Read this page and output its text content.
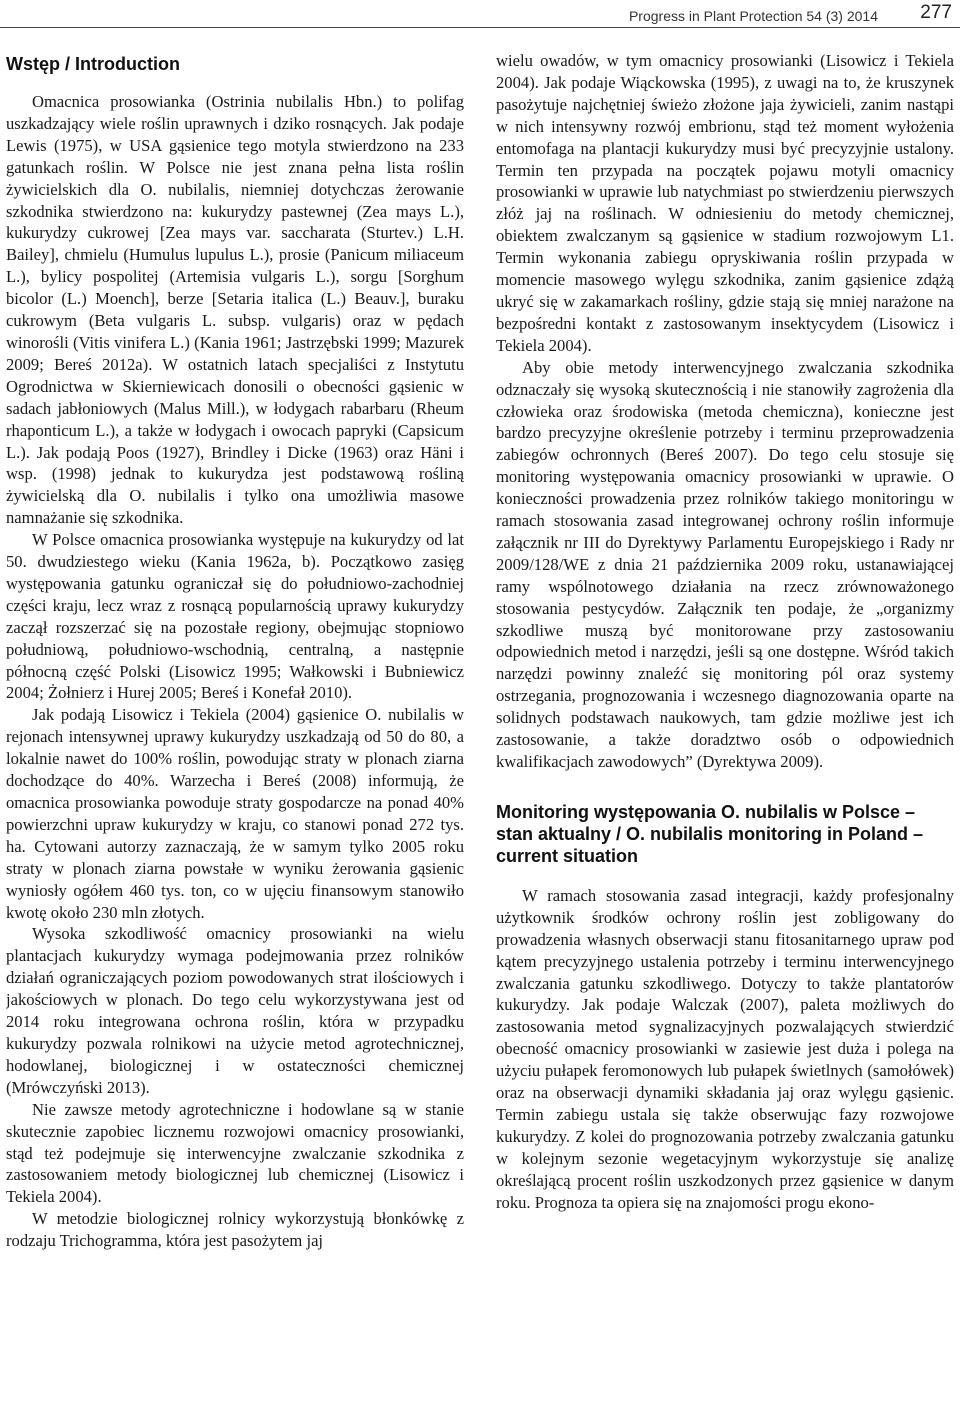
Progress in Plant Protection 54 (3) 2014 277
Wstęp / Introduction

Omacnica prosowianka (Ostrinia nubilalis Hbn.) to polifag uszkadzający wiele roślin uprawnych i dziko rosnących. Jak podaje Lewis (1975), w USA gąsienice tego motyla stwierdzono na 233 gatunkach roślin. W Polsce nie jest znana pełna lista roślin żywicielskich dla O. nubilalis, niemniej dotychczas żerowanie szkodnika stwierdzono na: kukurydzy pastewnej (Zea mays L.), kukurydzy cukrowej [Zea mays var. saccharata (Sturtev.) L.H. Bailey], chmielu (Humulus lupulus L.), prosie (Panicum miliaceum L.), bylicy pospolitej (Artemisia vulgaris L.), sorgu [Sorghum bicolor (L.) Moench], berze [Setaria italica (L.) Beauv.], buraku cukrowym (Beta vulgaris L. subsp. vulgaris) oraz w pędach winorośli (Vitis vinifera L.) (Kania 1961; Jastrzębski 1999; Mazurek 2009; Bereś 2012a). W ostatnich latach specjaliści z Instytutu Ogrodnictwa w Skierniewicach donosili o obecności gąsienic w sadach jabłoniowych (Malus Mill.), w łodygach rabarbaru (Rheum rhaponticum L.), a także w łodygach i owocach papryki (Capsicum L.). Jak podają Poos (1927), Brindley i Dicke (1963) oraz Häni i wsp. (1998) jednak to kukurydza jest podstawową rośliną żywicielską dla O. nubilalis i tylko ona umożliwia masowe namnażanie się szkodnika.

W Polsce omacnica prosowianka występuje na kukurydzy od lat 50. dwudziestego wieku (Kania 1962a, b). Początkowo zasięg występowania gatunku ograniczał się do południowo-zachodniej części kraju, lecz wraz z rosnącą popularnością uprawy kukurydzy zaczął rozszerzać się na pozostałe regiony, obejmując stopniowo południową, południowo-wschodnią, centralną, a następnie północną część Polski (Lisowicz 1995; Wałkowski i Bubniewicz 2004; Żołnierz i Hurej 2005; Bereś i Konefał 2010).

Jak podają Lisowicz i Tekiela (2004) gąsienice O. nubilalis w rejonach intensywnej uprawy kukurydzy uszkadzają od 50 do 80, a lokalnie nawet do 100% roślin, powodując straty w plonach ziarna dochodzące do 40%. Warzecha i Bereś (2008) informują, że omacnica prosowianka powoduje straty gospodarcze na ponad 40% powierzchni upraw kukurydzy w kraju, co stanowi ponad 272 tys. ha. Cytowani autorzy zaznaczają, że w samym tylko 2005 roku straty w plonach ziarna powstałe w wyniku żerowania gąsienic wyniosły ogółem 460 tys. ton, co w ujęciu finansowym stanowiło kwotę około 230 mln złotych.

Wysoka szkodliwość omacnicy prosowianki na wielu plantacjach kukurydzy wymaga podejmowania przez rolników działań ograniczających poziom powodowanych strat ilościowych i jakościowych w plonach. Do tego celu wykorzystywana jest od 2014 roku integrowana ochrona roślin, która w przypadku kukurydzy pozwala rolnikowi na użycie metod agrotechnicznej, hodowlanej, biologicznej i w ostateczności chemicznej (Mrówczyński 2013).

Nie zawsze metody agrotechniczne i hodowlane są w stanie skutecznie zapobiec licznemu rozwojowi omacnicy prosowianki, stąd też podejmuje się interwencyjne zwalczanie szkodnika z zastosowaniem metody biologicznej lub chemicznej (Lisowicz i Tekiela 2004).

W metodzie biologicznej rolnicy wykorzystują błonkówkę z rodzaju Trichogramma, która jest pasożytem jaj

wielu owadów, w tym omacnicy prosowianki (Lisowicz i Tekiela 2004). Jak podaje Wiąckowska (1995), z uwagi na to, że kruszynek pasożytuje najchętniej świeżo złożone jaja żywicieli, zanim nastąpi w nich intensywny rozwój embrionu, stąd też moment wyłożenia entomofaga na plantacji kukurydzy musi być precyzyjnie ustalony. Termin ten przypada na początek pojawu motyli omacnicy prosowianki w uprawie lub natychmiast po stwierdzeniu pierwszych złóż jaj na roślinach. W odniesieniu do metody chemicznej, obiektem zwalczanym są gąsienice w stadium rozwojowym L1. Termin wykonania zabiegu opryskiwania roślin przypada w momencie masowego wylęgu szkodnika, zanim gąsienice zdążą ukryć się w zakamarkach rośliny, gdzie stają się mniej narażone na bezpośredni kontakt z zastosowanym insektycydem (Lisowicz i Tekiela 2004).

Aby obie metody interwencyjnego zwalczania szkodnika odznaczały się wysoką skutecznością i nie stanowiły zagrożenia dla człowieka oraz środowiska (metoda chemiczna), konieczne jest bardzo precyzyjne określenie potrzeby i terminu przeprowadzenia zabiegów ochronnych (Bereś 2007). Do tego celu stosuje się monitoring występowania omacnicy prosowianki w uprawie. O konieczności prowadzenia przez rolników takiego monitoringu w ramach stosowania zasad integrowanej ochrony roślin informuje załącznik nr III do Dyrektywy Parlamentu Europejskiego i Rady nr 2009/128/WE z dnia 21 października 2009 roku, ustanawiającej ramy wspólnotowego działania na rzecz zrównoważonego stosowania pestycydów. Załącznik ten podaje, że „organizmy szkodliwe muszą być monitorowane przy zastosowaniu odpowiednich metod i narzędzi, jeśli są one dostępne. Wśród takich narzędzi powinny znaleźć się monitoring pól oraz systemy ostrzegania, prognozowania i wczesnego diagnozowania oparte na solidnych podstawach naukowych, tam gdzie możliwe jest ich zastosowanie, a także doradztwo osób o odpowiednich kwalifikacjach zawodowych” (Dyrektywa 2009).

Monitoring występowania O. nubilalis w Polsce – stan aktualny / O. nubilalis monitoring in Poland – current situation

W ramach stosowania zasad integracji, każdy profesjonalny użytkownik środków ochrony roślin jest zobligowany do prowadzenia własnych obserwacji stanu fitosanitarnego upraw pod kątem precyzyjnego ustalenia potrzeby i terminu interwencyjnego zwalczania gatunku szkodliwego. Dotyczy to także plantatorów kukurydzy. Jak podaje Walczak (2007), paleta możliwych do zastosowania metod sygnalizacyjnych pozwalających stwierdzić obecność omacnicy prosowianki w zasiewie jest duża i polega na użyciu pułapek feromonowych lub pułapek świetlnych (samołówek) oraz na obserwacji dynamiki składania jaj oraz wylęgu gąsienic. Termin zabiegu ustala się także obserwując fazy rozwojowe kukurydzy. Z kolei do prognozowania potrzeby zwalczania gatunku w kolejnym sezonie wegetacyjnym wykorzystuje się analizę określającą procent roślin uszkodzonych przez gąsienice w danym roku. Prognoza ta opiera się na znajomości progu ekono-
